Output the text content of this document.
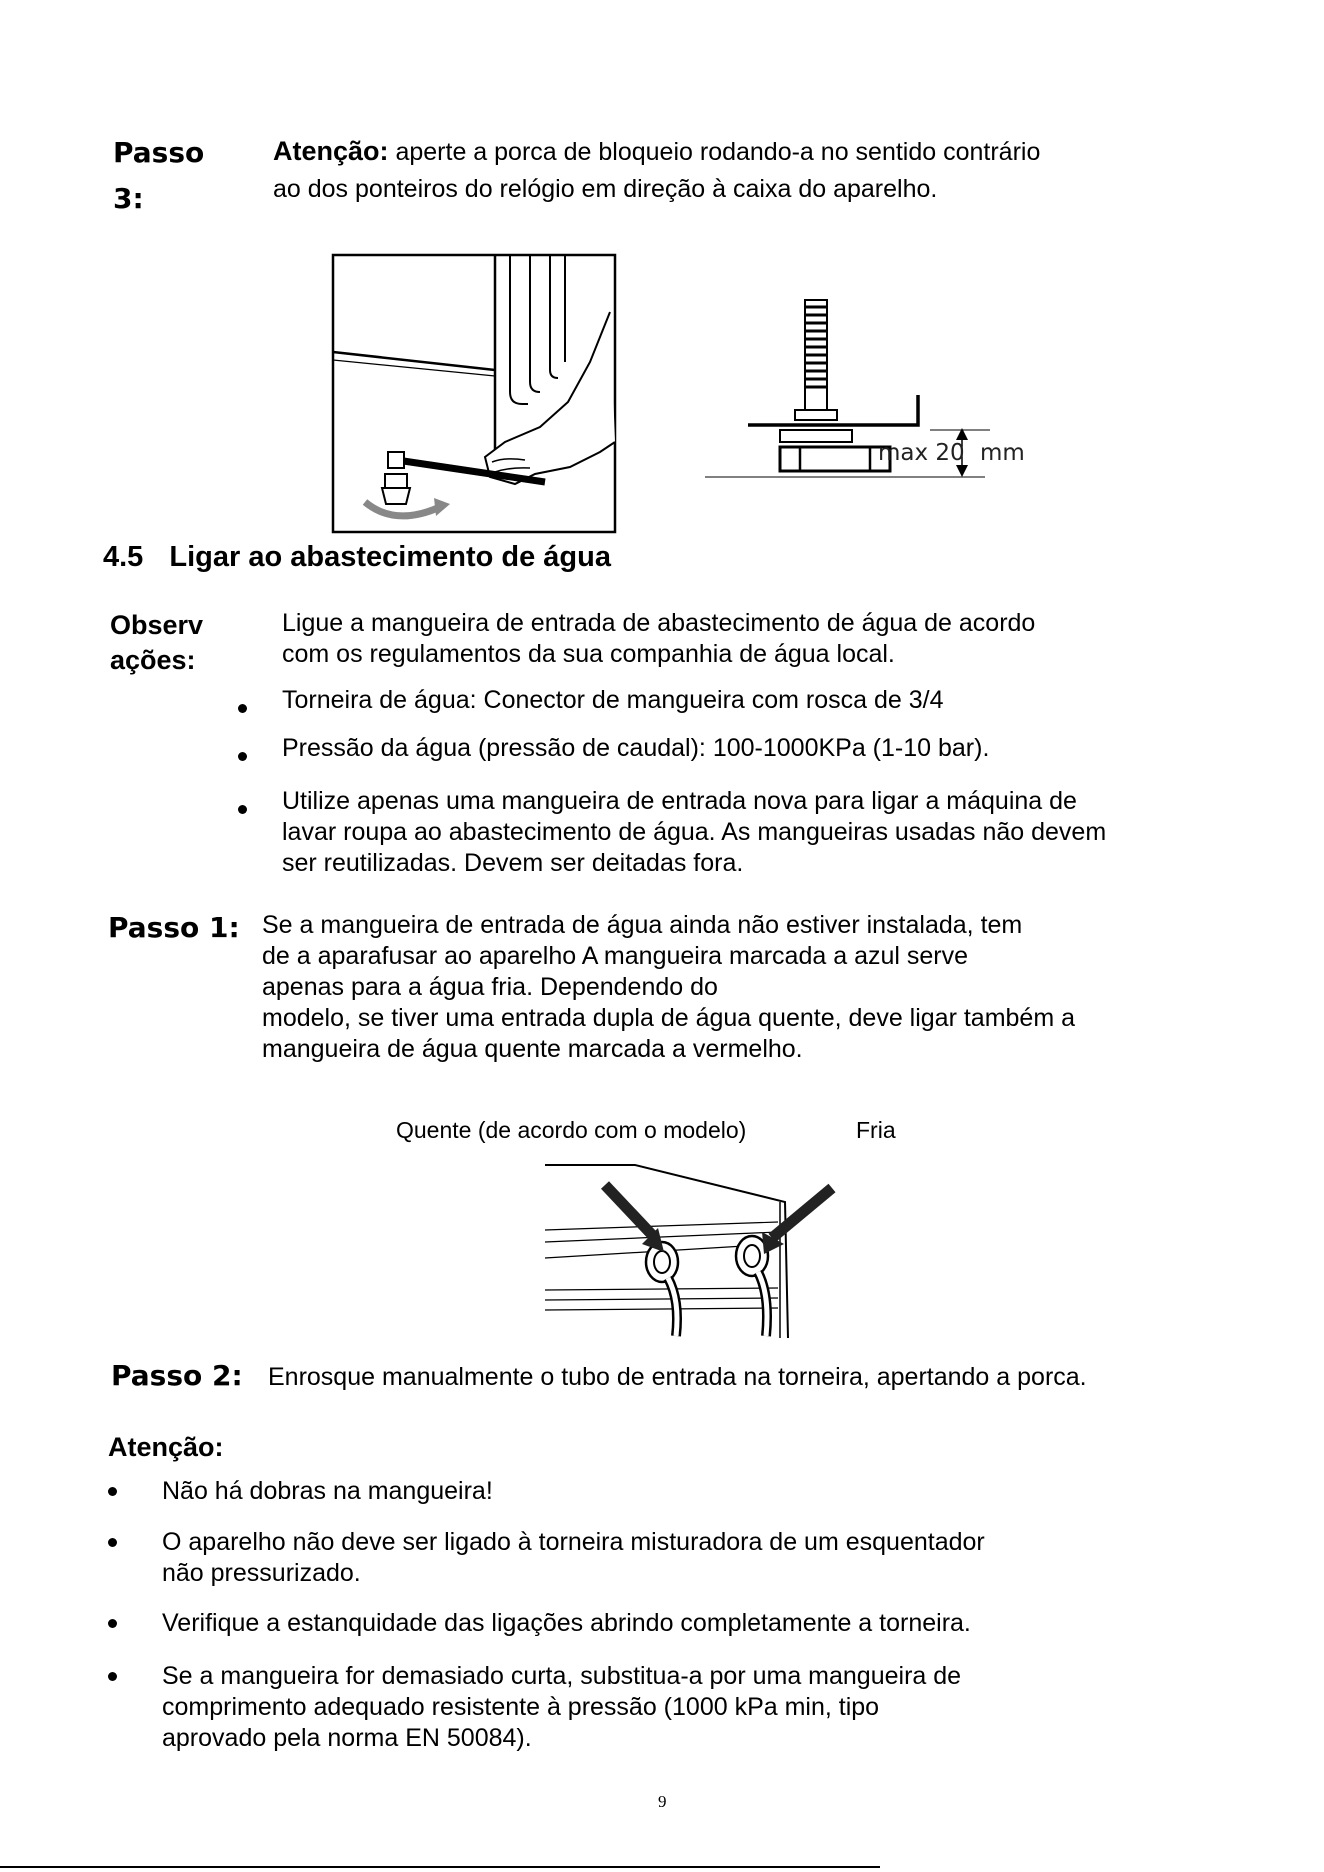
Passo
3:
Atenção: aperte a porca de bloqueio rodando-a no sentido contrário
ao dos ponteiros do relógio em direção à caixa do aparelho.
max 20 mm
4.5 Ligar ao abastecimento de água
Observ
ações:
Ligue a mangueira de entrada de abastecimento de água de acordo
com os regulamentos da sua companhia de água local.
Torneira de água: Conector de mangueira com rosca de 3/4
Pressão da água (pressão de caudal): 100-1000KPa (1-10 bar).
Utilize apenas uma mangueira de entrada nova para ligar a máquina de
lavar roupa ao abastecimento de água. As mangueiras usadas não devem
ser reutilizadas. Devem ser deitadas fora.
Passo 1: Se a mangueira de entrada de água ainda não estiver instalada, tem
de a aparafusar ao aparelho A mangueira marcada a azul serve
apenas para a água fria. Dependendo do
modelo, se tiver uma entrada dupla de água quente, deve ligar também a
mangueira de água quente marcada a vermelho.
Quente (de acordo com o modelo)	Fria
Passo 2: Enrosque manualmente o tubo de entrada na torneira, apertando a porca.
Atenção:
Não há dobras na mangueira!
O aparelho não deve ser ligado à torneira misturadora de um esquentador
não pressurizado.
Verifique a estanquidade das ligações abrindo completamente a torneira.
Se a mangueira for demasiado curta, substitua-a por uma mangueira de
comprimento adequado resistente à pressão (1000 kPa min, tipo
aprovado pela norma EN 50084).
9
